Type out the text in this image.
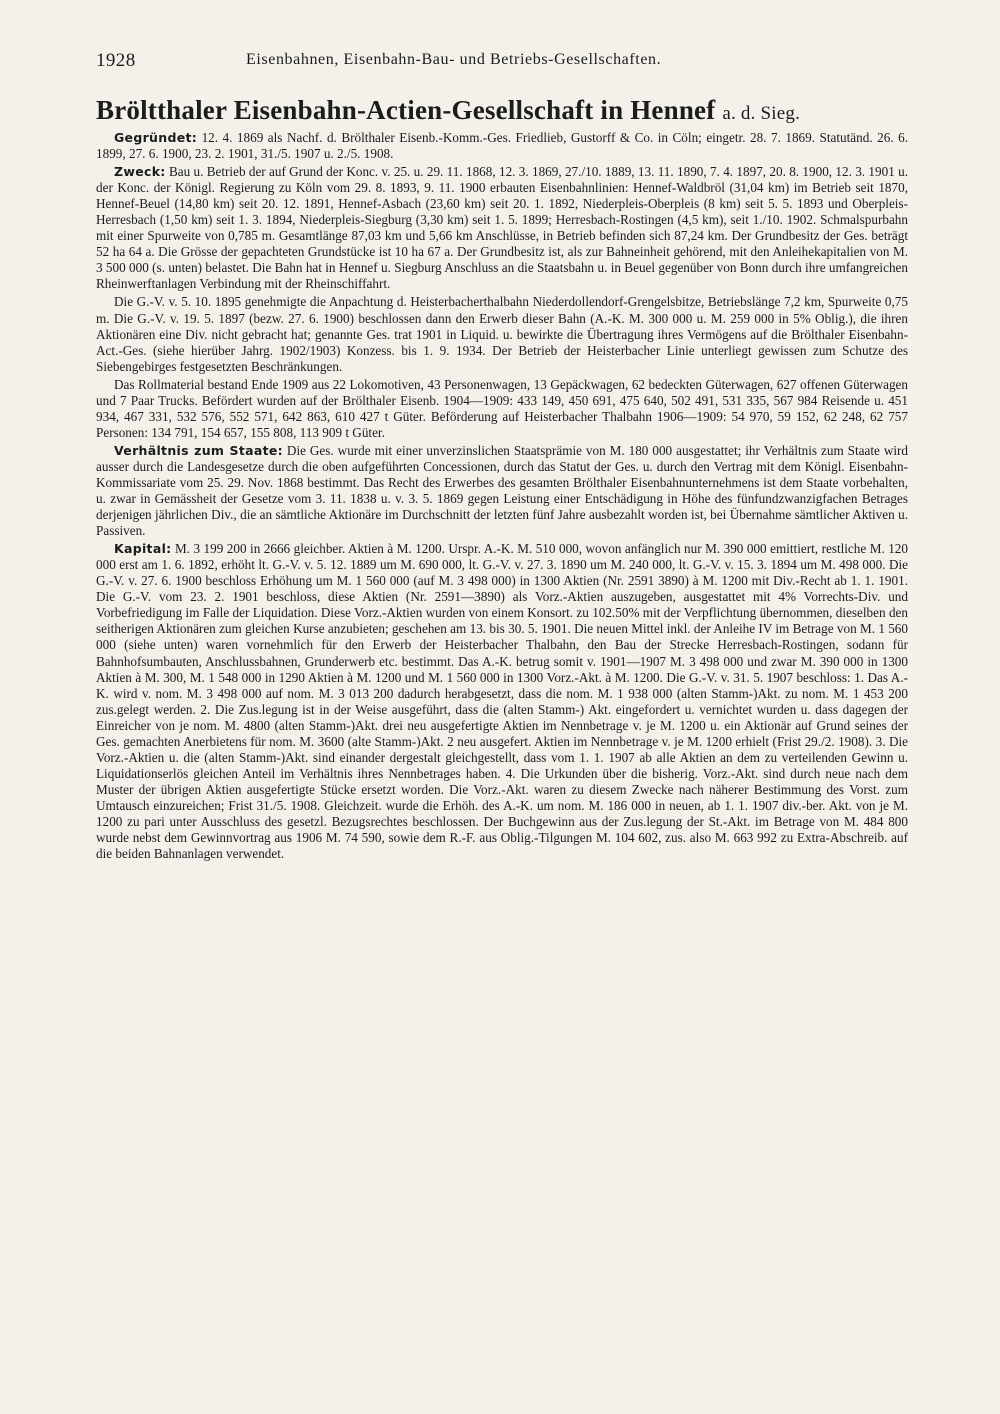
1928	Eisenbahnen, Eisenbahn-Bau- und Betriebs-Gesellschaften.
Bröltthaler Eisenbahn-Actien-Gesellschaft in Hennef a. d. Sieg.

Gegründet: 12. 4. 1869 als Nachf. d. Brölthaler Eisenb.-Komm.-Ges. Friedlieb, Gustorff & Co. in Cöln; eingetr. 28. 7. 1869. Statutänd. 26. 6. 1899, 27. 6. 1900, 23. 2. 1901, 31./5. 1907 u. 2./5. 1908.

Zweck: Bau u. Betrieb der auf Grund der Konc. v. 25. u. 29. 11. 1868, 12. 3. 1869, 27./10. 1889, 13. 11. 1890, 7. 4. 1897, 20. 8. 1900, 12. 3. 1901 u. der Konc. der Königl. Regierung zu Köln vom 29. 8. 1893, 9. 11. 1900 erbauten Eisenbahnlinien: Hennef-Waldbröl (31,04 km) im Betrieb seit 1870, Hennef-Beuel (14,80 km) seit 20. 12. 1891, Hennef-Asbach (23,60 km) seit 20. 1. 1892, Niederpleis-Oberpleis (8 km) seit 5. 5. 1893 und Oberpleis-Herresbach (1,50 km) seit 1. 3. 1894, Niederpleis-Siegburg (3,30 km) seit 1. 5. 1899; Herresbach-Rostingen (4,5 km), seit 1./10. 1902. Schmalspurbahn mit einer Spurweite von 0,785 m. Gesamtlänge 87,03 km und 5,66 km Anschlüsse, in Betrieb befinden sich 87,24 km. Der Grundbesitz der Ges. beträgt 52 ha 64 a. Die Grösse der gepachteten Grundstücke ist 10 ha 67 a. Der Grundbesitz ist, als zur Bahneinheit gehörend, mit den Anleihekapitalien von M. 3 500 000 (s. unten) belastet. Die Bahn hat in Hennef u. Siegburg Anschluss an die Staatsbahn u. in Beuel gegenüber von Bonn durch ihre umfangreichen Rheinwerftanlagen Verbindung mit der Rheinschiffahrt.

Die G.-V. v. 5. 10. 1895 genehmigte die Anpachtung d. Heisterbacherthalbahn Niederdollendorf-Grengelsbitze, Betriebslänge 7,2 km, Spurweite 0,75 m. Die G.-V. v. 19. 5. 1897 (bezw. 27. 6. 1900) beschlossen dann den Erwerb dieser Bahn (A.-K. M. 300 000 u. M. 259 000 in 5% Oblig.), die ihren Aktionären eine Div. nicht gebracht hat; genannte Ges. trat 1901 in Liquid. u. bewirkte die Übertragung ihres Vermögens auf die Brölthaler Eisenbahn-Act.-Ges. (siehe hierüber Jahrg. 1902/1903) Konzess. bis 1. 9. 1934. Der Betrieb der Heisterbacher Linie unterliegt gewissen zum Schutze des Siebengebirges festgesetzten Beschränkungen.

Das Rollmaterial bestand Ende 1909 aus 22 Lokomotiven, 43 Personenwagen, 13 Gepäckwagen, 62 bedeckten Güterwagen, 627 offenen Güterwagen und 7 Paar Trucks. Befördert wurden auf der Brölthaler Eisenb. 1904—1909: 433 149, 450 691, 475 640, 502 491, 531 335, 567 984 Reisende u. 451 934, 467 331, 532 576, 552 571, 642 863, 610 427 t Güter. Beförderung auf Heisterbacher Thalbahn 1906—1909: 54 970, 59 152, 62 248, 62 757 Personen: 134 791, 154 657, 155 808, 113 909 t Güter.

Verhältnis zum Staate: Die Ges. wurde mit einer unverzinslichen Staatsprämie von M. 180 000 ausgestattet; ihr Verhältnis zum Staate wird ausser durch die Landesgesetze durch die oben aufgeführten Concessionen, durch das Statut der Ges. u. durch den Vertrag mit dem Königl. Eisenbahn-Kommissariate vom 25. 29. Nov. 1868 bestimmt. Das Recht des Erwerbes des gesamten Brölthaler Eisenbahnunternehmens ist dem Staate vorbehalten, u. zwar in Gemässheit der Gesetze vom 3. 11. 1838 u. v. 3. 5. 1869 gegen Leistung einer Entschädigung in Höhe des fünfundzwanzigfachen Betrages derjenigen jährlichen Div., die an sämtliche Aktionäre im Durchschnitt der letzten fünf Jahre ausbezahlt worden ist, bei Übernahme sämtlicher Aktiven u. Passiven.

Kapital: M. 3 199 200 in 2666 gleichber. Aktien à M. 1200. Urspr. A.-K. M. 510 000, wovon anfänglich nur M. 390 000 emittiert, restliche M. 120 000 erst am 1. 6. 1892, erhöht lt. G.-V. v. 5. 12. 1889 um M. 690 000, lt. G.-V. v. 27. 3. 1890 um M. 240 000, lt. G.-V. v. 15. 3. 1894 um M. 498 000. Die G.-V. v. 27. 6. 1900 beschloss Erhöhung um M. 1 560 000 (auf M. 3 498 000) in 1300 Aktien (Nr. 2591 3890) à M. 1200 mit Div.-Recht ab 1. 1. 1901. Die G.-V. vom 23. 2. 1901 beschloss, diese Aktien (Nr. 2591—3890) als Vorz.-Aktien auszugeben, ausgestattet mit 4% Vorrechts-Div. und Vorbefriedigung im Falle der Liquidation. Diese Vorz.-Aktien wurden von einem Konsort. zu 102.50% mit der Verpflichtung übernommen, dieselben den seitherigen Aktionären zum gleichen Kurse anzubieten; geschehen am 13. bis 30. 5. 1901. Die neuen Mittel inkl. der Anleihe IV im Betrage von M. 1 560 000 (siehe unten) waren vornehmlich für den Erwerb der Heisterbacher Thalbahn, den Bau der Strecke Herresbach-Rostingen, sodann für Bahnhofsumbauten, Anschlussbahnen, Grunderwerb etc. bestimmt. Das A.-K. betrug somit v. 1901—1907 M. 3 498 000 und zwar M. 390 000 in 1300 Aktien à M. 300, M. 1 548 000 in 1290 Aktien à M. 1200 und M. 1 560 000 in 1300 Vorz.-Akt. à M. 1200. Die G.-V. v. 31. 5. 1907 beschloss: 1. Das A.-K. wird v. nom. M. 3 498 000 auf nom. M. 3 013 200 dadurch herabgesetzt, dass die nom. M. 1 938 000 (alten Stamm-)Akt. zu nom. M. 1 453 200 zus.gelegt werden. 2. Die Zus.legung ist in der Weise ausgeführt, dass die (alten Stamm-) Akt. eingefordert u. vernichtet wurden u. dass dagegen der Einreicher von je nom. M. 4800 (alten Stamm-)Akt. drei neu ausgefertigte Aktien im Nennbetrage v. je M. 1200 u. ein Aktionär auf Grund seines der Ges. gemachten Anerbietens für nom. M. 3600 (alte Stamm-)Akt. 2 neu ausgefert. Aktien im Nennbetrage v. je M. 1200 erhielt (Frist 29./2. 1908). 3. Die Vorz.-Aktien u. die (alten Stamm-)Akt. sind einander dergestalt gleichgestellt, dass vom 1. 1. 1907 ab alle Aktien an dem zu verteilenden Gewinn u. Liquidationserlös gleichen Anteil im Verhältnis ihres Nennbetrages haben. 4. Die Urkunden über die bisherig. Vorz.-Akt. sind durch neue nach dem Muster der übrigen Aktien ausgefertigte Stücke ersetzt worden. Die Vorz.-Akt. waren zu diesem Zwecke nach näherer Bestimmung des Vorst. zum Umtausch einzureichen; Frist 31./5. 1908. Gleichzeit. wurde die Erhöh. des A.-K. um nom. M. 186 000 in neuen, ab 1. 1. 1907 div.-ber. Akt. von je M. 1200 zu pari unter Ausschluss des gesetzl. Bezugsrechtes beschlossen. Der Buchgewinn aus der Zus.legung der St.-Akt. im Betrage von M. 484 800 wurde nebst dem Gewinnvortrag aus 1906 M. 74 590, sowie dem R.-F. aus Oblig.-Tilgungen M. 104 602, zus. also M. 663 992 zu Extra-Abschreib. auf die beiden Bahnanlagen verwendet.
